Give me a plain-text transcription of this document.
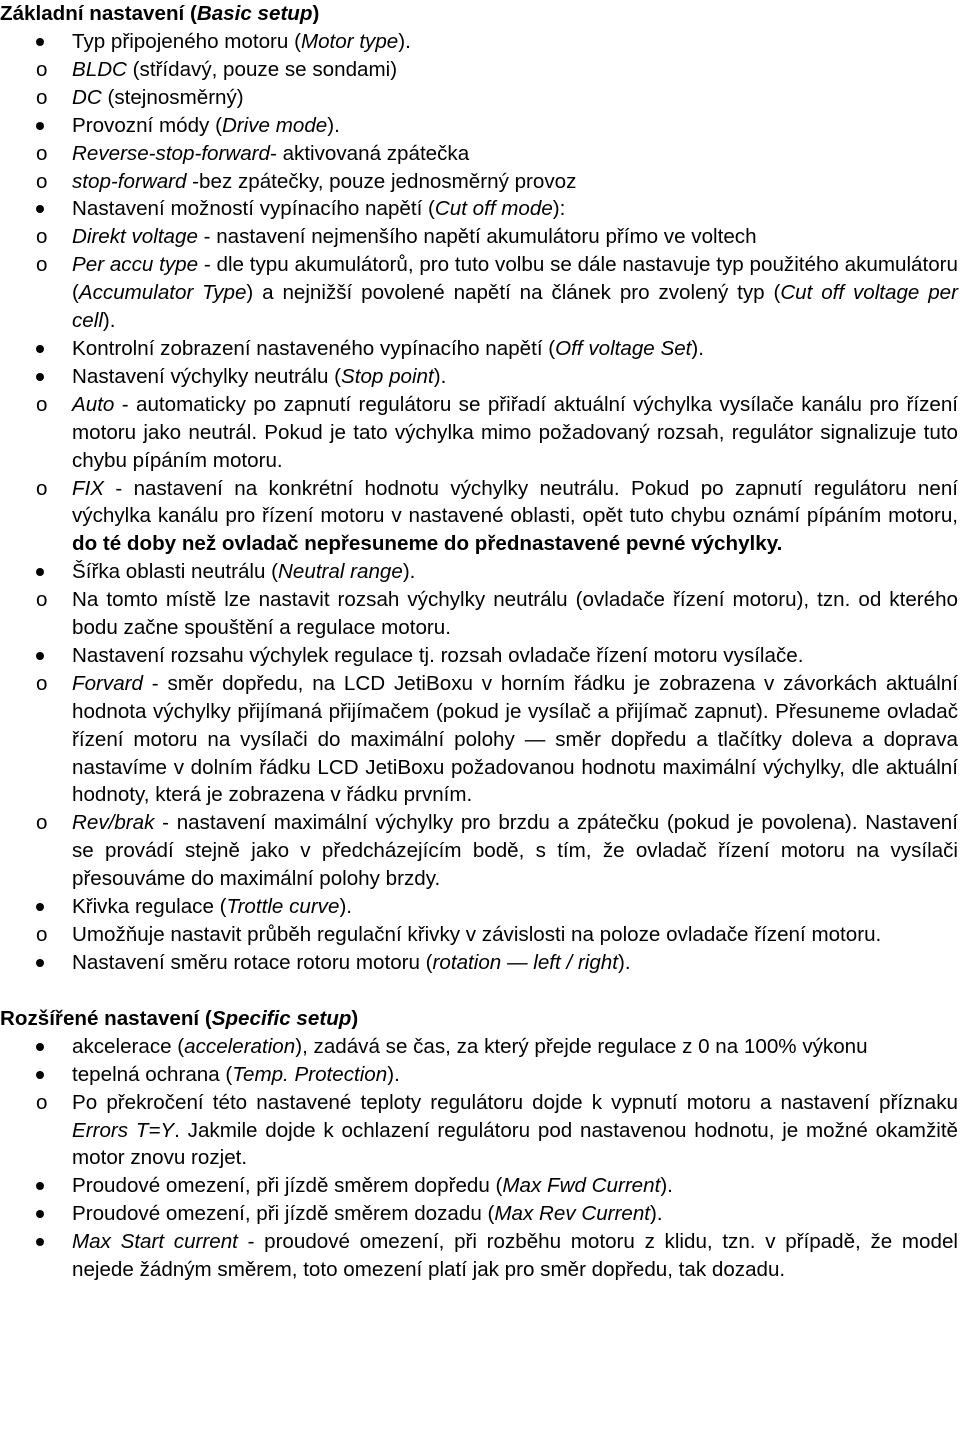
Základní nastavení (Basic setup)

Typ připojeného motoru (Motor type).
o BLDC (střídavý, pouze se sondami)
o DC (stejnosměrný)
Provozní módy (Drive mode).
o Reverse-stop-forward- aktivovaná zpátečka
o stop-forward -bez zpátečky, pouze jednosměrný provoz
Nastavení možností vypínacího napětí (Cut off mode):
o Direkt voltage - nastavení nejmenšího napětí akumulátoru přímo ve voltech
o Per accu type - dle typu akumulátorů, pro tuto volbu se dále nastavuje typ použitého akumulátoru (Accumulator Type) a nejnižší povolené napětí na článek pro zvolený typ (Cut off voltage per cell).
Kontrolní zobrazení nastaveného vypínacího napětí (Off voltage Set).
Nastavení výchylky neutrálu (Stop point).
o Auto - automaticky po zapnutí regulátoru se přiřadí aktuální výchylka vysílače kanálu pro řízení motoru jako neutrál. Pokud je tato výchylka mimo požadovaný rozsah, regulátor signalizuje tuto chybu pípáním motoru.
o FIX - nastavení na konkrétní hodnotu výchylky neutrálu. Pokud po zapnutí regulátoru není výchylka kanálu pro řízení motoru v nastavené oblasti, opět tuto chybu oznámí pípáním motoru, do té doby než ovladač nepřesuneme do přednastavené pevné výchylky.
Šířka oblasti neutrálu (Neutral range).
o Na tomto místě lze nastavit rozsah výchylky neutrálu (ovladače řízení motoru), tzn. od kterého bodu začne spouštění a regulace motoru.
Nastavení rozsahu výchylek regulace tj. rozsah ovladače řízení motoru vysílače.
o Forvard - směr dopředu, na LCD JetiBoxu v horním řádku je zobrazena v závorkách aktuální hodnota výchylky přijímaná přijímačem (pokud je vysílač a přijímač zapnut). Přesuneme ovladač řízení motoru na vysílači do maximální polohy — směr dopředu a tlačítky doleva a doprava nastavíme v dolním řádku LCD JetiBoxu požadovanou hodnotu maximální výchylky, dle aktuální hodnoty, která je zobrazena v řádku prvním.
o Rev/brak - nastavení maximální výchylky pro brzdu a zpátečku (pokud je povolena). Nastavení se provádí stejně jako v předcházejícím bodě, s tím, že ovladač řízení motoru na vysílači přesouváme do maximální polohy brzdy.
Křivka regulace (Trottle curve).
o Umožňuje nastavit průběh regulační křivky v závislosti na poloze ovladače řízení motoru.
Nastavení směru rotace rotoru motoru (rotation — left / right).

Rozšířené nastavení (Specific setup)

akcelerace (acceleration), zadává se čas, za který přejde regulace z 0 na 100% výkonu
tepelná ochrana (Temp. Protection).
o Po překročení této nastavené teploty regulátoru dojde k vypnutí motoru a nastavení příznaku Errors T=Y. Jakmile dojde k ochlazení regulátoru pod nastavenou hodnotu, je možné okamžitě motor znovu rozjet.
Proudové omezení, při jízdě směrem dopředu (Max Fwd Current).
Proudové omezení, při jízdě směrem dozadu (Max Rev Current).
Max Start current - proudové omezení, při rozběhu motoru z klidu, tzn. v případě, že model nejede žádným směrem, toto omezení platí jak pro směr dopředu, tak dozadu.
